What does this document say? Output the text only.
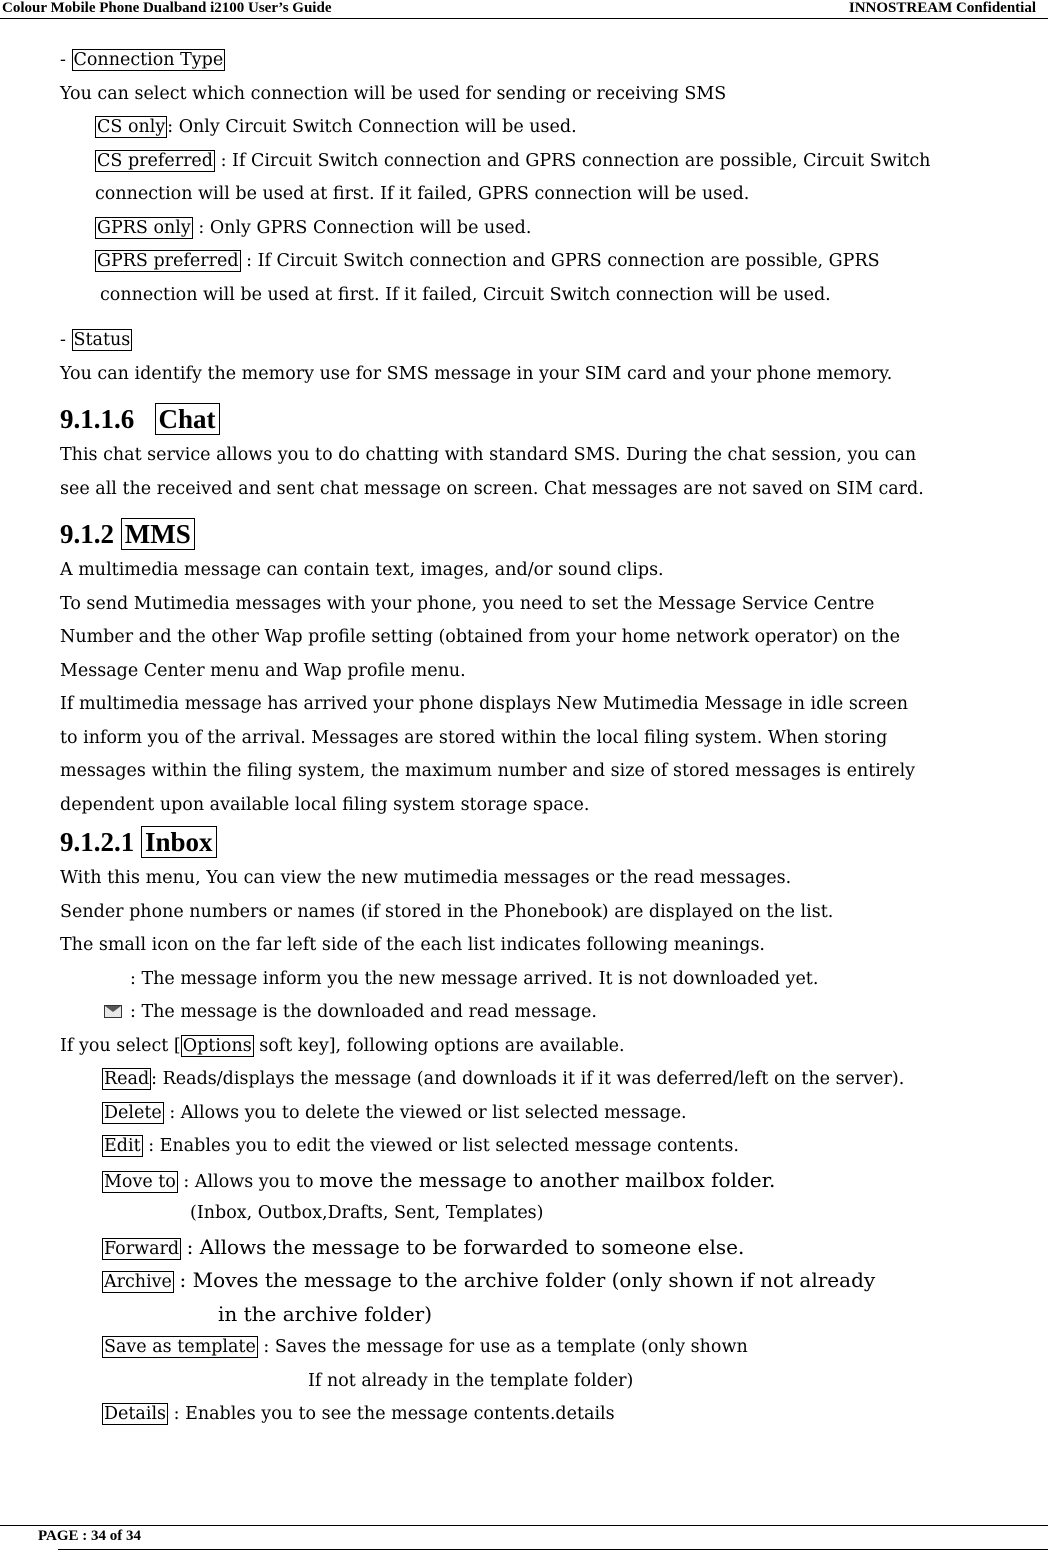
Colour Mobile Phone Dualband i2100 User’s Guide	INNOSTREAM Confidential

- Connection Type

You can select which connection will be used for sending or receiving SMS

CS only : Only Circuit Switch Connection will be used.

CS preferred : If Circuit Switch connection and GPRS connection are possible, Circuit Switch

connection will be used at first. If it failed, GPRS connection will be used.

GPRS only : Only GPRS Connection will be used.

GPRS preferred : If Circuit Switch connection and GPRS connection are possible, GPRS

connection will be used at first. If it failed, Circuit Switch connection will be used.

- Status

You can identify the memory use for SMS message in your SIM card and your phone memory.

9.1.1.6 Chat

This chat service allows you to do chatting with standard SMS. During the chat session, you can

see all the received and sent chat message on screen. Chat messages are not saved on SIM card.

9.1.2 MMS

A multimedia message can contain text, images, and/or sound clips.

To send Mutimedia messages with your phone, you need to set the Message Service Centre

Number and the other Wap profile setting (obtained from your home network operator) on the

Message Center menu and Wap profile menu.

If multimedia message has arrived your phone displays New Mutimedia Message in idle screen

to inform you of the arrival. Messages are stored within the local filing system. When storing

messages within the filing system, the maximum number and size of stored messages is entirely

dependent upon available local filing system storage space.

9.1.2.1 Inbox

With this menu, You can view the new mutimedia messages or the read messages.

Sender phone numbers or names (if stored in the Phonebook) are displayed on the list.

The small icon on the far left side of the each list indicates following meanings.

: The message inform you the new message arrived. It is not downloaded yet.

: The message is the downloaded and read message.

If you select [ Options soft key], following options are available.

Read : Reads/displays the message (and downloads it if it was deferred/left on the server).

Delete : Allows you to delete the viewed or list selected message.

Edit : Enables you to edit the viewed or list selected message contents.

Move to : Allows you to move the message to another mailbox folder.

(Inbox, Outbox,Drafts, Sent, Templates)

Forward : Allows the message to be forwarded to someone else.

Archive : Moves the message to the archive folder (only shown if not already

in the archive folder)

Save as template : Saves the message for use as a template (only shown

If not already in the template folder)

Details : Enables you to see the message contents.details

PAGE : 34 of 34
